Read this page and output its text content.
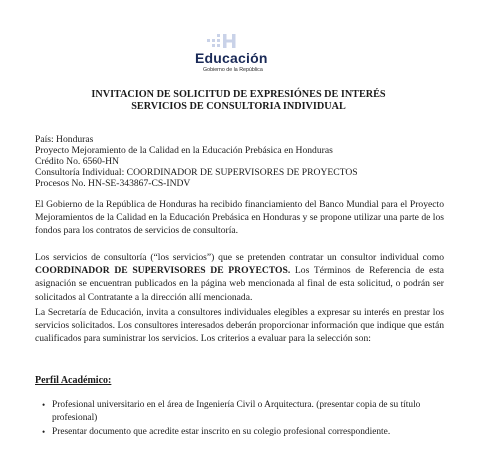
Educación
Gobierno de la República
INVITACION DE SOLICITUD DE EXPRESIÓNES DE INTERÉS
SERVICIOS DE CONSULTORIA INDIVIDUAL
País: Honduras
Proyecto Mejoramiento de la Calidad en la Educación Prebásica en Honduras
Crédito No. 6560-HN
Consultoría Individual: COORDINADOR DE SUPERVISORES DE PROYECTOS
Procesos No. HN-SE-343867-CS-INDV
El Gobierno de la República de Honduras ha recibido financiamiento del Banco Mundial para el Proyecto Mejoramientos de la Calidad en la Educación Prebásica en Honduras y se propone utilizar una parte de los fondos para los contratos de servicios de consultoría.
Los servicios de consultoría (“los servicios”) que se pretenden contratar un consultor individual como COORDINADOR DE SUPERVISORES DE PROYECTOS. Los Términos de Referencia de esta asignación se encuentran publicados en la página web mencionada al final de esta solicitud, o podrán ser solicitados al Contratante a la dirección allí mencionada.
La Secretaría de Educación, invita a consultores individuales elegibles a expresar su interés en prestar los servicios solicitados. Los consultores interesados deberán proporcionar información que indique que están cualificados para suministrar los servicios. Los criterios a evaluar para la selección son:
Perfil Académico:
• Profesional universitario en el área de Ingeniería Civil o Arquitectura. (presentar copia de su título profesional)
• Presentar documento que acredite estar inscrito en su colegio profesional correspondiente.
